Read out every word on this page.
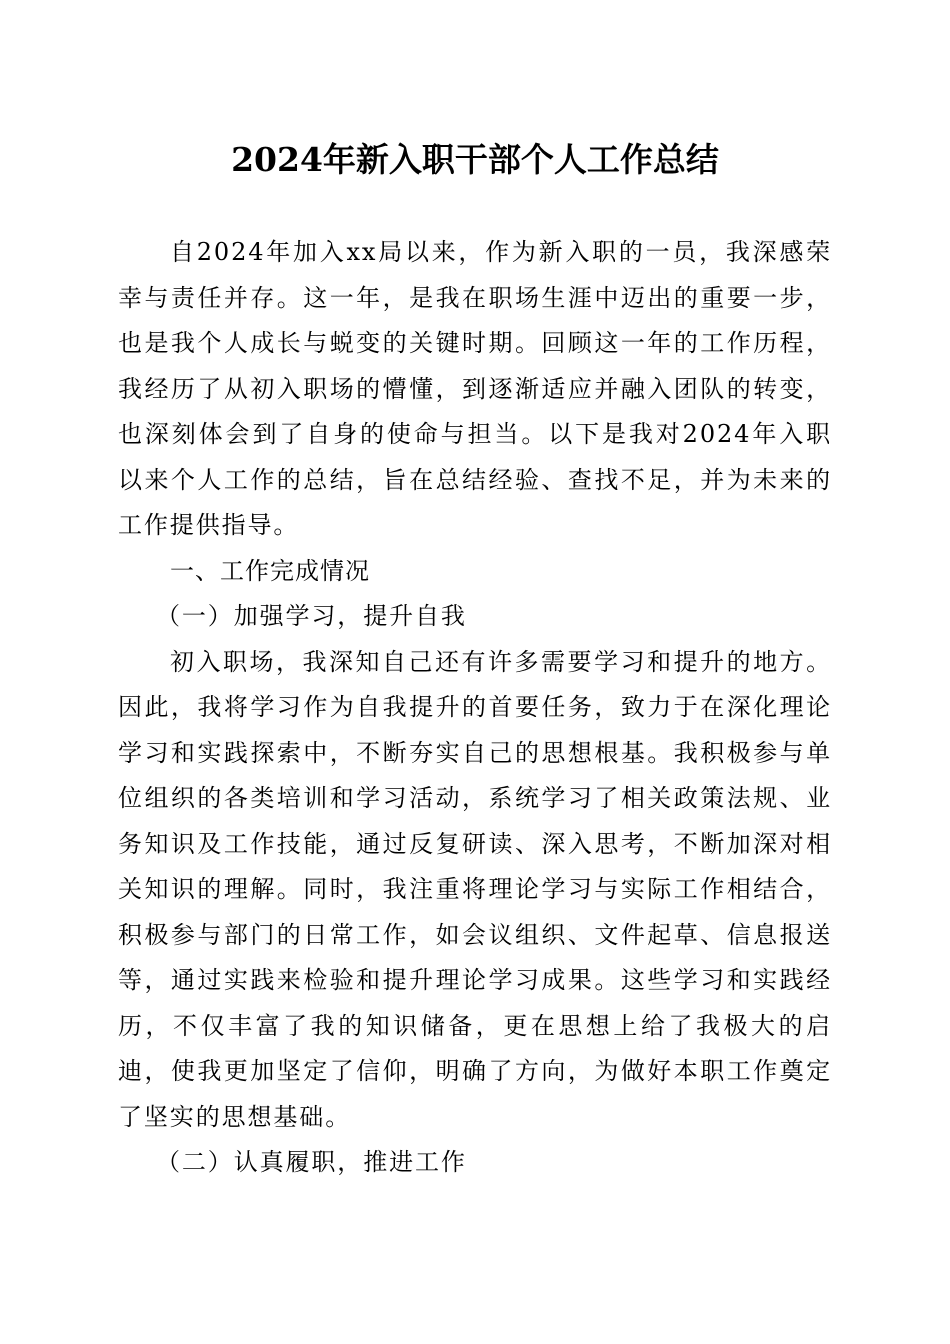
2024年新入职干部个人工作总结

自2024年加入xx局以来，作为新入职的一员，我深感荣幸与责任并存。这一年，是我在职场生涯中迈出的重要一步，也是我个人成长与蜕变的关键时期。回顾这一年的工作历程，我经历了从初入职场的懵懂，到逐渐适应并融入团队的转变，也深刻体会到了自身的使命与担当。以下是我对2024年入职以来个人工作的总结，旨在总结经验、查找不足，并为未来的工作提供指导。

一、工作完成情况

（一）加强学习，提升自我

初入职场，我深知自己还有许多需要学习和提升的地方。因此，我将学习作为自我提升的首要任务，致力于在深化理论学习和实践探索中，不断夯实自己的思想根基。我积极参与单位组织的各类培训和学习活动，系统学习了相关政策法规、业务知识及工作技能，通过反复研读、深入思考，不断加深对相关知识的理解。同时，我注重将理论学习与实际工作相结合，积极参与部门的日常工作，如会议组织、文件起草、信息报送等，通过实践来检验和提升理论学习成果。这些学习和实践经历，不仅丰富了我的知识储备，更在思想上给了我极大的启迪，使我更加坚定了信仰，明确了方向，为做好本职工作奠定了坚实的思想基础。

（二）认真履职，推进工作
